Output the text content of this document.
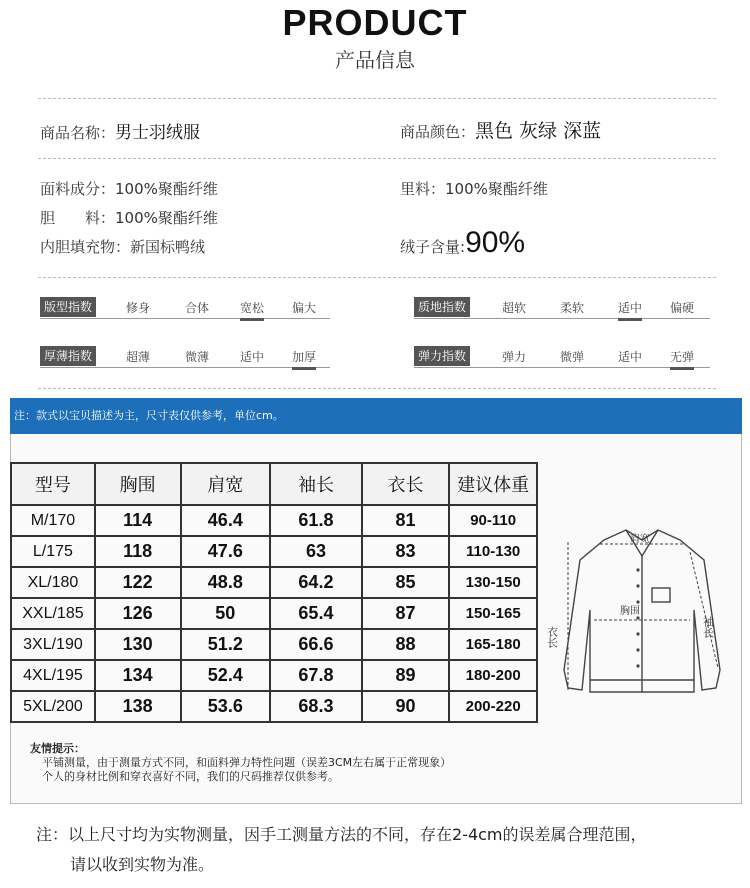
PRODUCT
产品信息
商品名称：男士羽绒服	商品颜色：黑色 灰绿 深蓝
面料成分：100%聚酯纤维	里料：100%聚酯纤维
胆　　料：100%聚酯纤维
内胆填充物：新国标鸭绒	绒子含量:90%
版型指数	修身	合体	宽松 偏大	质地指数	超软	柔软	适中 偏硬
厚薄指数	超薄	微薄	适中 加厚	弹力指数	弹力	微弹	适中 无弹
注：款式以宝贝描述为主，尺寸表仅供参考，单位cm。
型号	胸围	肩宽	袖长	衣长	建议体重
M/170	114	46.4	61.8	81	90-110
L/175	118	47.6	63	83	110-130
XL/180	122	48.8	64.2	85	130-150
XXL/185	126	50	65.4	87	150-165
3XL/190	130	51.2	66.6	88	165-180
4XL/195	134	52.4	67.8	89	180-200
5XL/200	138	53.6	68.3	90	200-220
肩宽
胸围
衣长	袖长
友情提示：
平铺测量，由于测量方式不同，和面料弹力特性问题（误差3CM左右属于正常现象）
个人的身材比例和穿衣喜好不同，我们的尺码推荐仅供参考。
注：以上尺寸均为实物测量，因手工测量方法的不同，存在2-4cm的误差属合理范围，
请以收到实物为准。
